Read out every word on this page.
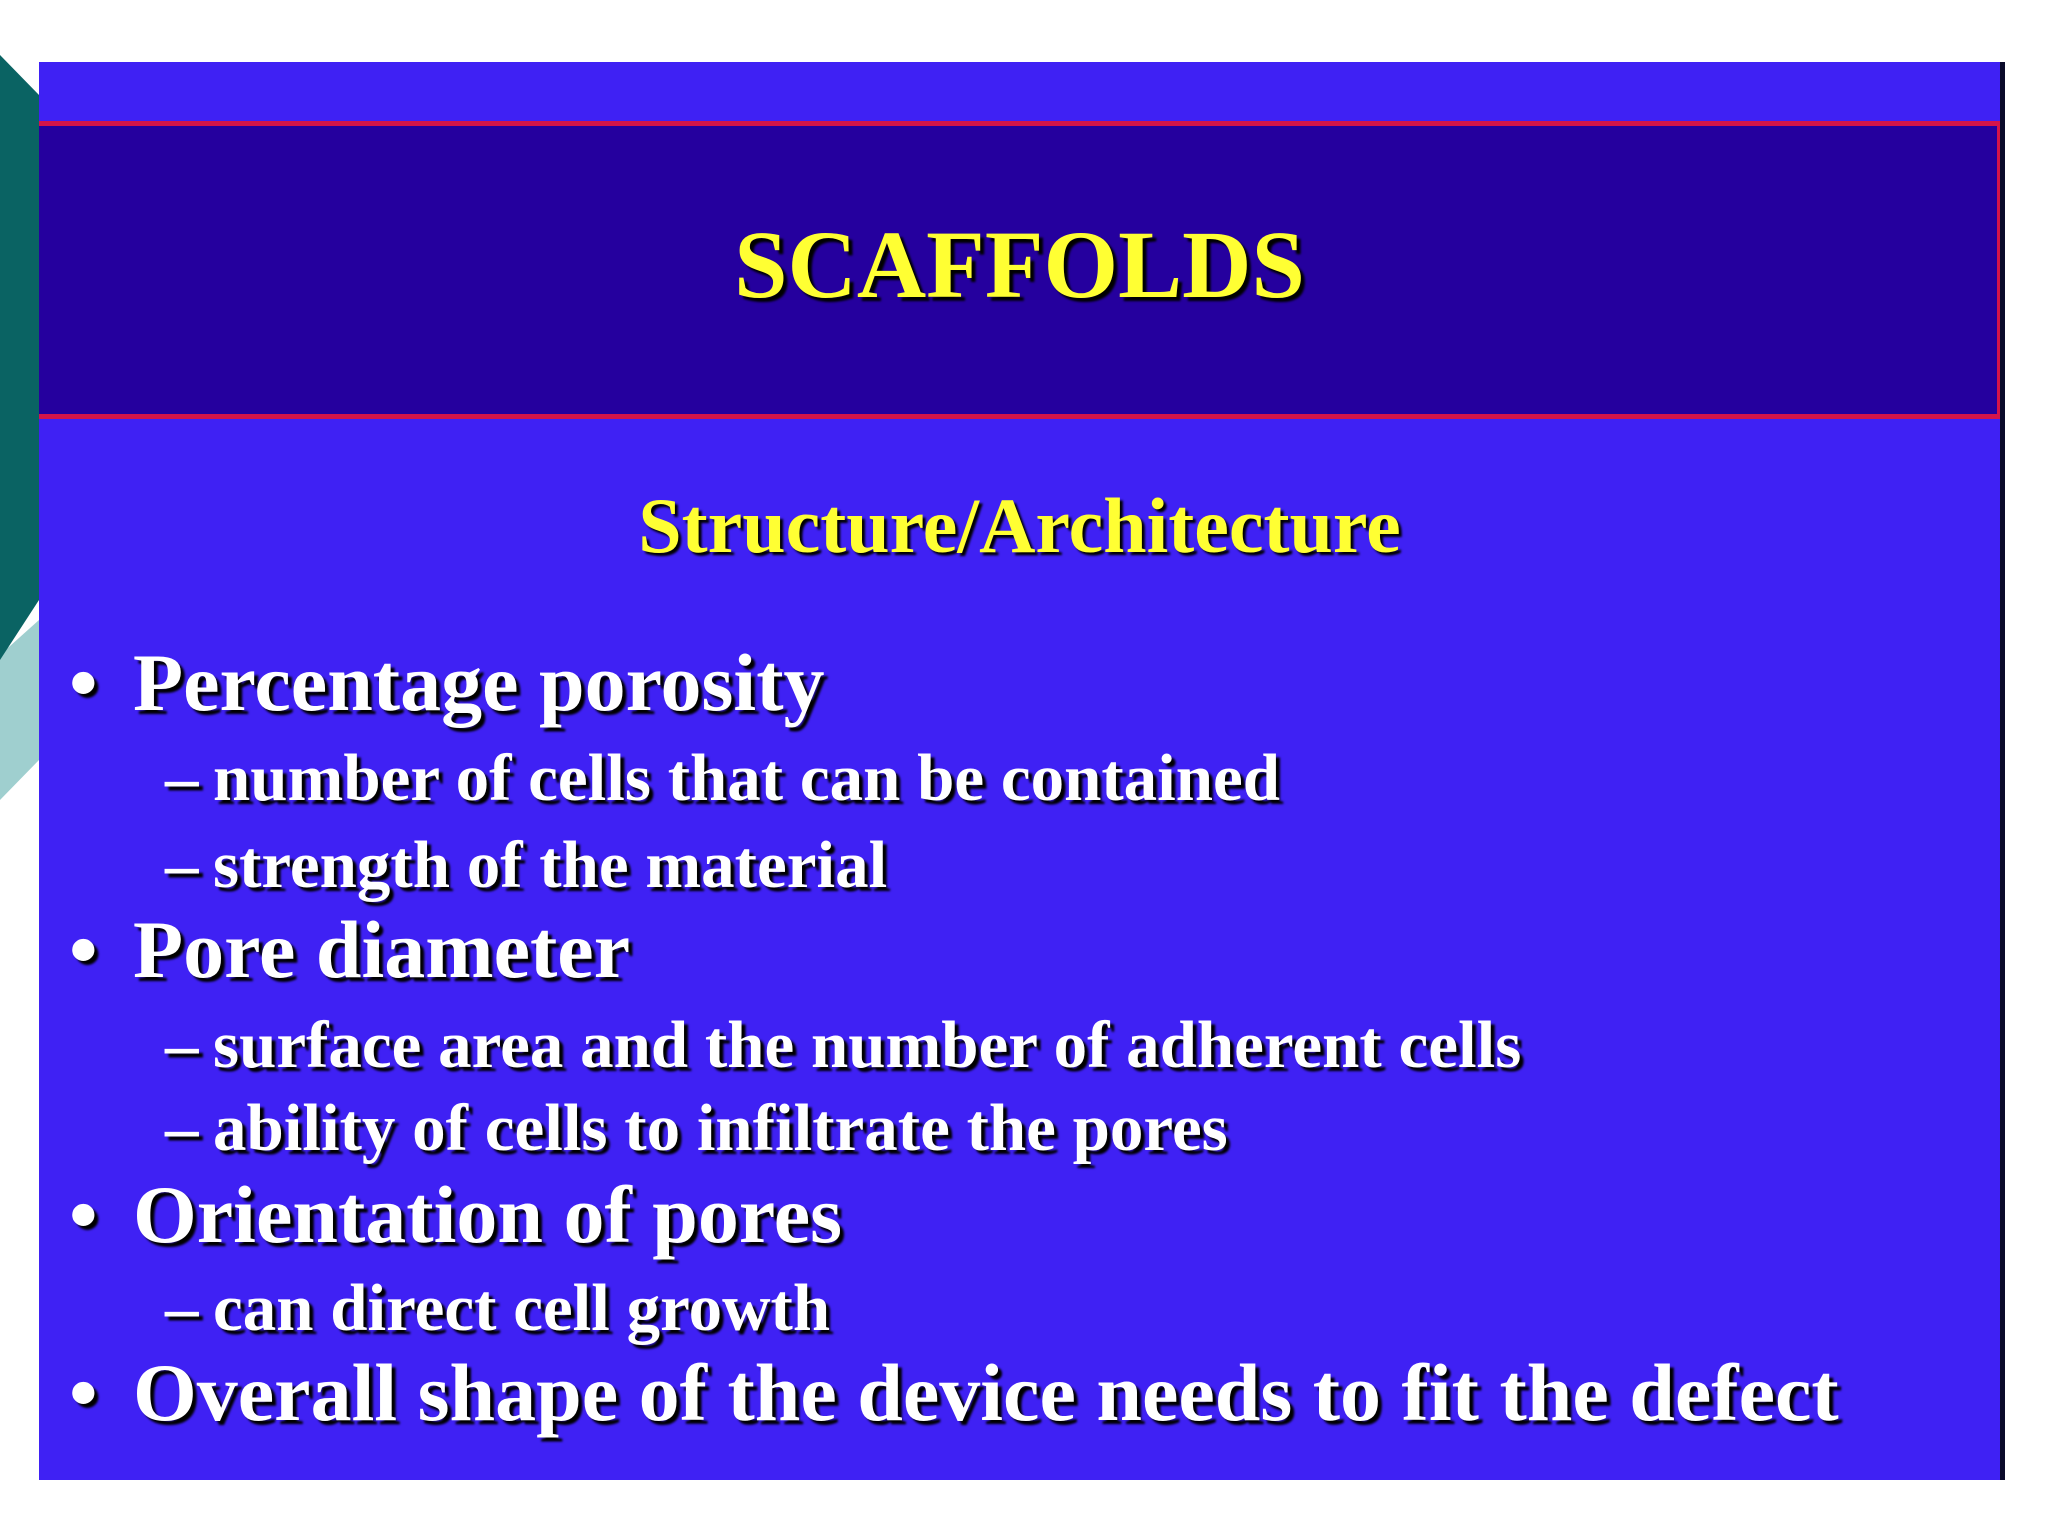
SCAFFOLDS
Structure/Architecture
• Percentage porosity
– number of cells that can be contained
– strength of the material
• Pore diameter
– surface area and the number of adherent cells
– ability of cells to infiltrate the pores
• Orientation of pores
– can direct cell growth
• Overall shape of the device needs to fit the defect
